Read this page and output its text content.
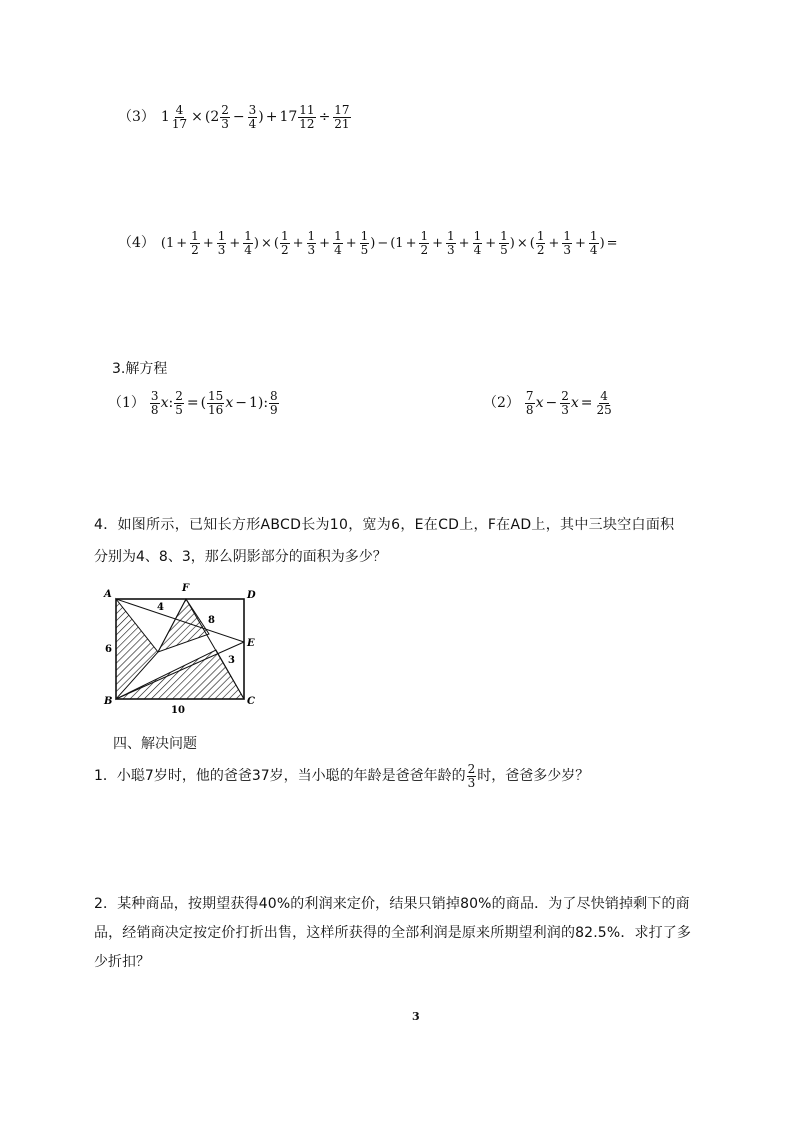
（3） $1 \frac{4}{17} \times (2 \frac{2}{3} - \frac{3}{4}$ ) + $17 \frac{11}{12} \div \frac{17}{21}$
（4） ($1 + \frac{1}{2} + \frac{1}{3} + \frac{1}{4}$ ) × ( $\frac{1}{2} + \frac{1}{3} + \frac{1}{4} + \frac{1}{5}$ ) − ($1 + \frac{1}{2} + \frac{1}{3} + \frac{1}{4} + \frac{1}{5}$ ) × ( $\frac{1}{2} + \frac{1}{3} + \frac{1}{4}$ ) =
3.解方程
$(1) \frac{3}{8}$ x : $\frac{2}{5}$ = ( $\frac{15}{16}$ x − 1): $\frac{8}{9}$	$(2) \frac{7}{8}$ $x - \frac{2}{3}$ $x = \frac{4}{25}$
4．如图所示，已知长方形ABCD长为10，宽为6，E在CD上，F在AD上，其中三块空白面积
分别为4、8、3，那么阴影部分的面积为多少？
A
F
D
E
B	C
4
8
3
6
10
四、解决问题
1．小聪7岁时，他的爸爸37岁，当小聪的年龄是爸爸年龄的 $\frac{2}{3}$ 时，爸爸多少岁？
2．某种商品，按期望获得40%的利润来定价，结果只销掉80%的商品．为了尽快销掉剩下的商
品，经销商决定按定价打折出售，这样所获得的全部利润是原来所期望利润的82.5%．求打了多
少折扣？
3
